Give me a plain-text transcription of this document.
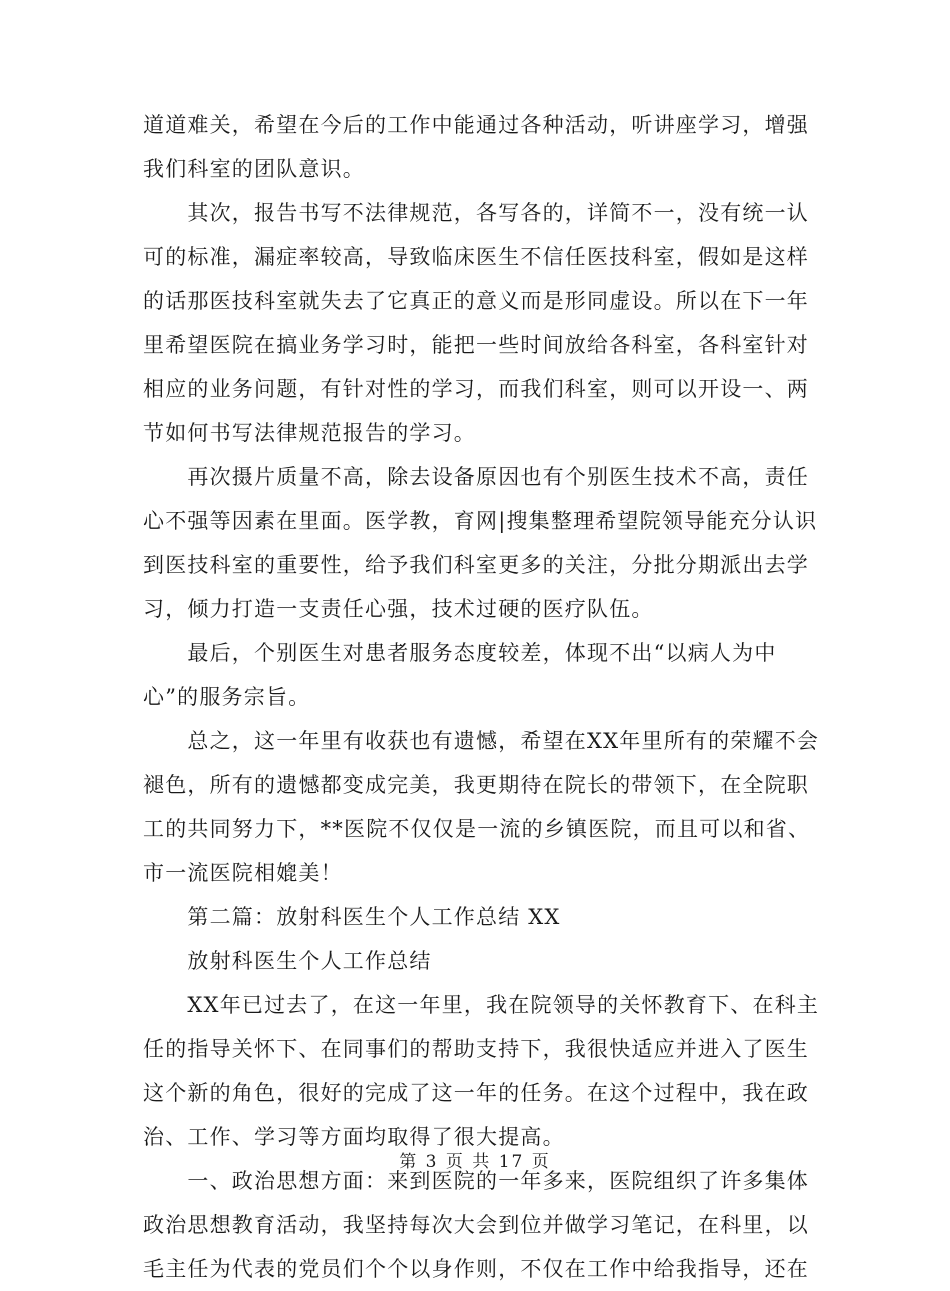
道道难关，希望在今后的工作中能通过各种活动，听讲座学习，增强
我们科室的团队意识。
　　其次，报告书写不法律规范，各写各的，详简不一，没有统一认
可的标准，漏症率较高，导致临床医生不信任医技科室，假如是这样
的话那医技科室就失去了它真正的意义而是形同虚设。所以在下一年
里希望医院在搞业务学习时，能把一些时间放给各科室，各科室针对
相应的业务问题，有针对性的学习，而我们科室，则可以开设一、两
节如何书写法律规范报告的学习。
　　再次摄片质量不高，除去设备原因也有个别医生技术不高，责任
心不强等因素在里面。医学教，育网|搜集整理希望院领导能充分认识
到医技科室的重要性，给予我们科室更多的关注，分批分期派出去学
习，倾力打造一支责任心强，技术过硬的医疗队伍。
　　最后，个别医生对患者服务态度较差，体现不出“以病人为中
心”的服务宗旨。
　　总之，这一年里有收获也有遗憾，希望在XX年里所有的荣耀不会
褪色，所有的遗憾都变成完美，我更期待在院长的带领下，在全院职
工的共同努力下，**医院不仅仅是一流的乡镇医院，而且可以和省、
市一流医院相媲美！
　　第二篇：放射科医生个人工作总结 XX
　　放射科医生个人工作总结
　　XX年已过去了，在这一年里，我在院领导的关怀教育下、在科主
任的指导关怀下、在同事们的帮助支持下，我很快适应并进入了医生
这个新的角色，很好的完成了这一年的任务。在这个过程中，我在政
治、工作、学习等方面均取得了很大提高。
　　一、政治思想方面：来到医院的一年多来，医院组织了许多集体
政治思想教育活动，我坚持每次大会到位并做学习笔记，在科里，以
毛主任为代表的党员们个个以身作则，不仅在工作中给我指导，还在
第 3 页 共 17 页
